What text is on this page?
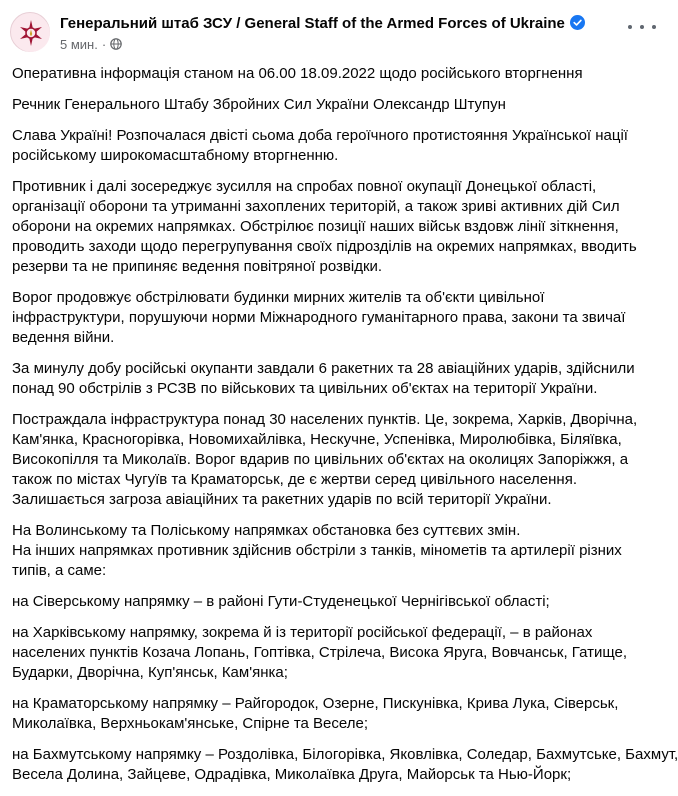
Генеральний штаб ЗСУ / General Staff of the Armed Forces of Ukraine
5 мин. ·
Оперативна інформація станом на 06.00 18.09.2022 щодо російського вторгнення
Речник Генерального Штабу Збройних Сил України Олександр Штупун
Слава Україні! Розпочалася двісті сьома доба героїчного протистояння Української нації
російському широкомасштабному вторгненню.
Противник і далі зосереджує зусилля на спробах повної окупації Донецької області,
організації оборони та утриманні захоплених територій, а також зриві активних дій Сил
оборони на окремих напрямках. Обстрілює позиції наших військ вздовж лінії зіткнення,
проводить заходи щодо перегрупування своїх підрозділів на окремих напрямках, вводить
резерви та не припиняє ведення повітряної розвідки.
Ворог продовжує обстрілювати будинки мирних жителів та об'єкти цивільної
інфраструктури, порушуючи норми Міжнародного гуманітарного права, закони та звичаї
ведення війни.
За минулу добу російські окупанти завдали 6 ракетних та 28 авіаційних ударів, здійснили
понад 90 обстрілів з РСЗВ по військових та цивільних об'єктах на території України.
Постраждала інфраструктура понад 30 населених пунктів. Це, зокрема, Харків, Дворічна,
Кам'янка, Красногорівка, Новомихайлівка, Нескучне, Успенівка, Миролюбівка, Біляївка,
Високопілля та Миколаїв. Ворог вдарив по цивільних об'єктах на околицях Запоріжжя, а
також по містах Чугуїв та Краматорськ, де є жертви серед цивільного населення.
Залишається загроза авіаційних та ракетних ударів по всій території України.
На Волинському та Поліському напрямках обстановка без суттєвих змін.
На інших напрямках противник здійснив обстріли з танків, мінометів та артилерії різних
типів, а саме:
на Сіверському напрямку – в районі Гути-Студенецької Чернігівської області;
на Харківському напрямку, зокрема й із території російської федерації, – в районах
населених пунктів Козача Лопань, Гоптівка, Стрілеча, Висока Яруга, Вовчанськ, Гатище,
Бударки, Дворічна, Куп'янськ, Кам'янка;
на Краматорському напрямку – Райгородок, Озерне, Пискунівка, Крива Лука, Сіверськ,
Миколаївка, Верхньокам'янське, Спірне та Веселе;
на Бахмутському напрямку – Роздолівка, Білогорівка, Яковлівка, Соледар, Бахмутське, Бахмут,
Весела Долина, Зайцеве, Одрадівка, Миколаївка Друга, Майорськ та Нью-Йорк;
